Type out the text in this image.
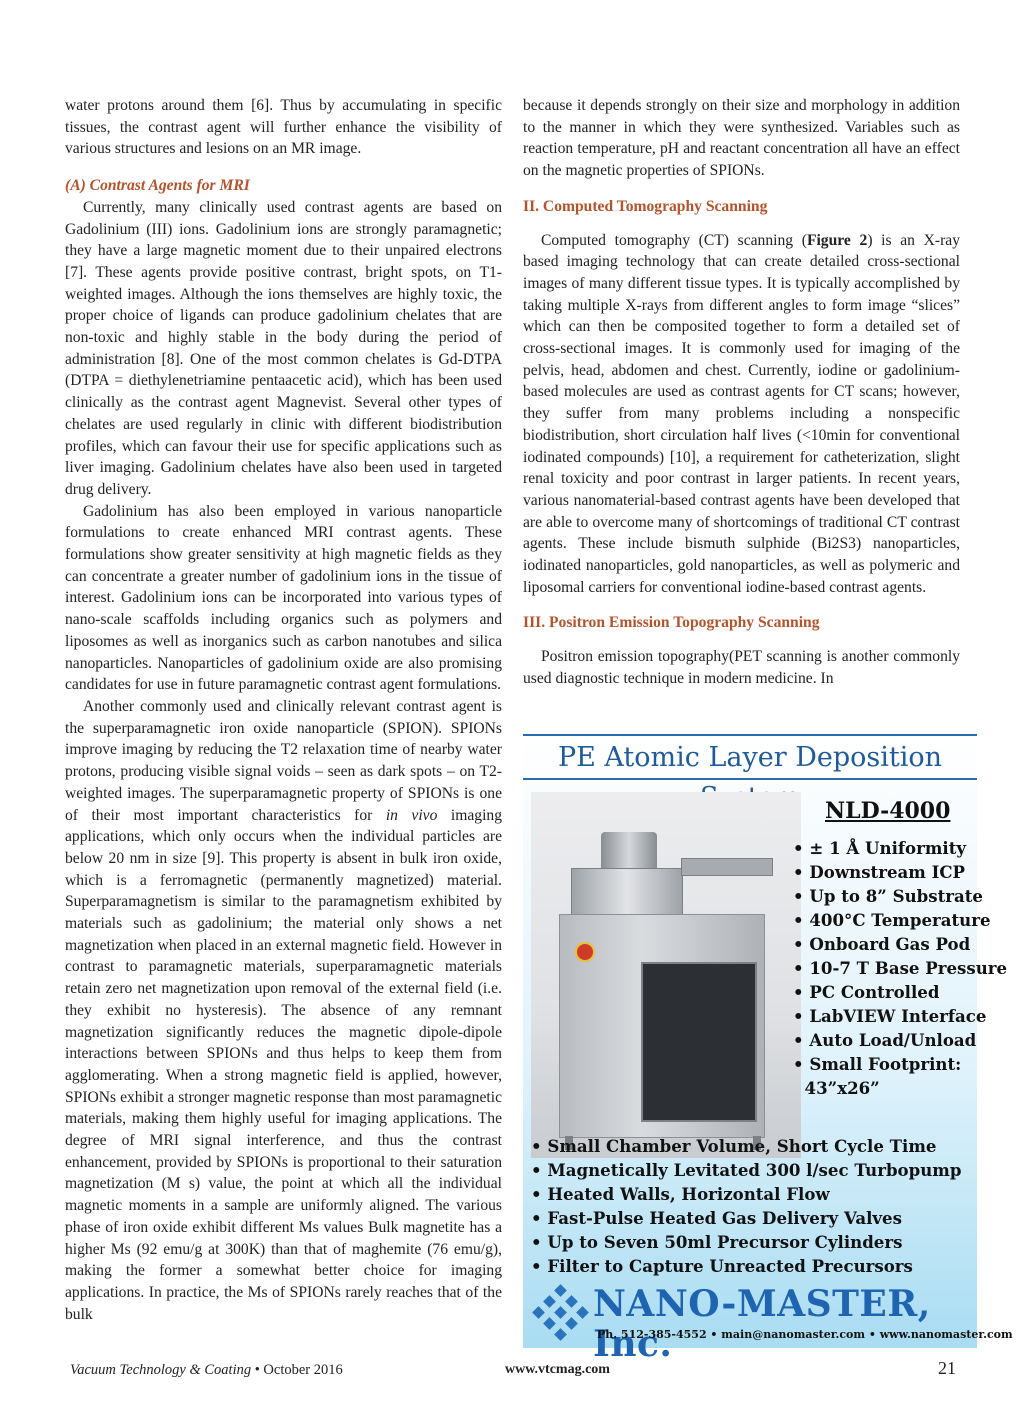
water protons around them [6]. Thus by accumulating in specific tissues, the contrast agent will further enhance the visibility of various structures and lesions on an MR image.

(A) Contrast Agents for MRI

Currently, many clinically used contrast agents are based on Gadolinium (III) ions. Gadolinium ions are strongly paramagnetic; they have a large magnetic moment due to their unpaired electrons [7]. These agents provide positive contrast, bright spots, on T1-weighted images. Although the ions themselves are highly toxic, the proper choice of ligands can produce gadolinium chelates that are non-toxic and highly stable in the body during the period of administration [8]. One of the most common chelates is Gd-DTPA (DTPA = diethylenetriamine pentaacetic acid), which has been used clinically as the contrast agent Magnevist. Several other types of chelates are used regularly in clinic with different biodistribution profiles, which can favour their use for specific applications such as liver imaging. Gadolinium chelates have also been used in targeted drug delivery.

Gadolinium has also been employed in various nanoparticle formulations to create enhanced MRI contrast agents. These formulations show greater sensitivity at high magnetic fields as they can concentrate a greater number of gadolinium ions in the tissue of interest. Gadolinium ions can be incorporated into various types of nano-scale scaffolds including organics such as polymers and liposomes as well as inorganics such as carbon nanotubes and silica nanoparticles. Nanoparticles of gadolinium oxide are also promising candidates for use in future paramagnetic contrast agent formulations.

Another commonly used and clinically relevant contrast agent is the superparamagnetic iron oxide nanoparticle (SPION). SPIONs improve imaging by reducing the T2 relaxation time of nearby water protons, producing visible signal voids – seen as dark spots – on T2-weighted images. The superparamagnetic property of SPIONs is one of their most important characteristics for in vivo imaging applications, which only occurs when the individual particles are below 20 nm in size [9]. This property is absent in bulk iron oxide, which is a ferromagnetic (permanently magnetized) material. Superparamagnetism is similar to the paramagnetism exhibited by materials such as gadolinium; the material only shows a net magnetization when placed in an external magnetic field. However in contrast to paramagnetic materials, superparamagnetic materials retain zero net magnetization upon removal of the external field (i.e. they exhibit no hysteresis). The absence of any remnant magnetization significantly reduces the magnetic dipole-dipole interactions between SPIONs and thus helps to keep them from agglomerating. When a strong magnetic field is applied, however, SPIONs exhibit a stronger magnetic response than most paramagnetic materials, making them highly useful for imaging applications. The degree of MRI signal interference, and thus the contrast enhancement, provided by SPIONs is proportional to their saturation magnetization (M s) value, the point at which all the individual magnetic moments in a sample are uniformly aligned. The various phase of iron oxide exhibit different Ms values Bulk magnetite has a higher Ms (92 emu/g at 300K) than that of maghemite (76 emu/g), making the former a somewhat better choice for imaging applications. In practice, the Ms of SPIONs rarely reaches that of the bulk

because it depends strongly on their size and morphology in addition to the manner in which they were synthesized. Variables such as reaction temperature, pH and reactant concentration all have an effect on the magnetic properties of SPIONs.

II. Computed Tomography Scanning

Computed tomography (CT) scanning (Figure 2) is an X-ray based imaging technology that can create detailed cross-sectional images of many different tissue types. It is typically accomplished by taking multiple X-rays from different angles to form image “slices” which can then be composited together to form a detailed set of cross-sectional images. It is commonly used for imaging of the pelvis, head, abdomen and chest. Currently, iodine or gadolinium-based molecules are used as contrast agents for CT scans; however, they suffer from many problems including a nonspecific biodistribution, short circulation half lives (<10min for conventional iodinated compounds) [10], a requirement for catheterization, slight renal toxicity and poor contrast in larger patients. In recent years, various nanomaterial-based contrast agents have been developed that are able to overcome many of shortcomings of traditional CT contrast agents. These include bismuth sulphide (Bi2S3) nanoparticles, iodinated nanoparticles, gold nanoparticles, as well as polymeric and liposomal carriers for conventional iodine-based contrast agents.

III. Positron Emission Topography Scanning

Positron emission topography(PET scanning is another commonly used diagnostic technique in modern medicine. In

PE Atomic Layer Deposition
NLD-4000
• ± 1 Å Uniformity
• Downstream ICP
• Up to 8” Substrate
• 400°C Temperature
• Onboard Gas Pod
• 10-7 T Base Pressure
• PC Controlled
• LabVIEW Interface
• Auto Load/Unload
• Small Footprint:
43”x26”
• Small Chamber Volume, Short Cycle Time
• Magnetically Levitated 300 l/sec Turbopump
• Heated Walls, Horizontal Flow
• Fast-Pulse Heated Gas Delivery Valves
• Up to Seven 50ml Precursor Cylinders
• Filter to Capture Unreacted Precursors
NANO-MASTER, Inc.
Ph. 512-385-4552 • main@nanomaster.com • www.nanomaster.com
Vacuum Technology & Coating • October 2016	www.vtcmag.com	21
